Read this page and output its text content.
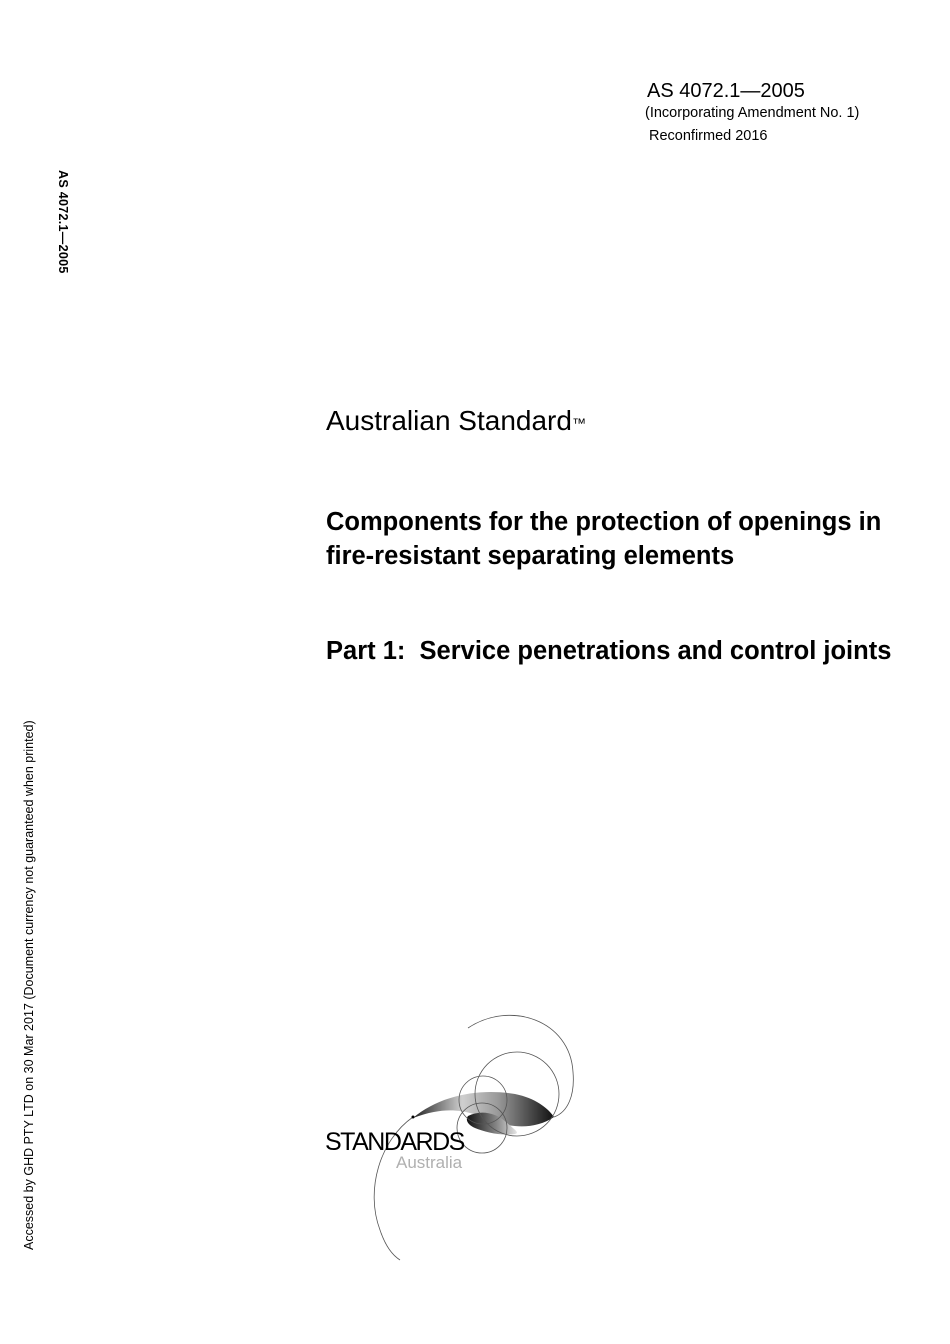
AS 4072.1—2005
(Incorporating Amendment No. 1)
Reconfirmed 2016
AS 4072.1—2005
Accessed by GHD PTY LTD on 30 Mar 2017 (Document currency not guaranteed when printed)
Australian Standard™
Components for the protection of openings in fire-resistant separating elements
Part 1:  Service penetrations and control joints
STANDARDS
Australia
